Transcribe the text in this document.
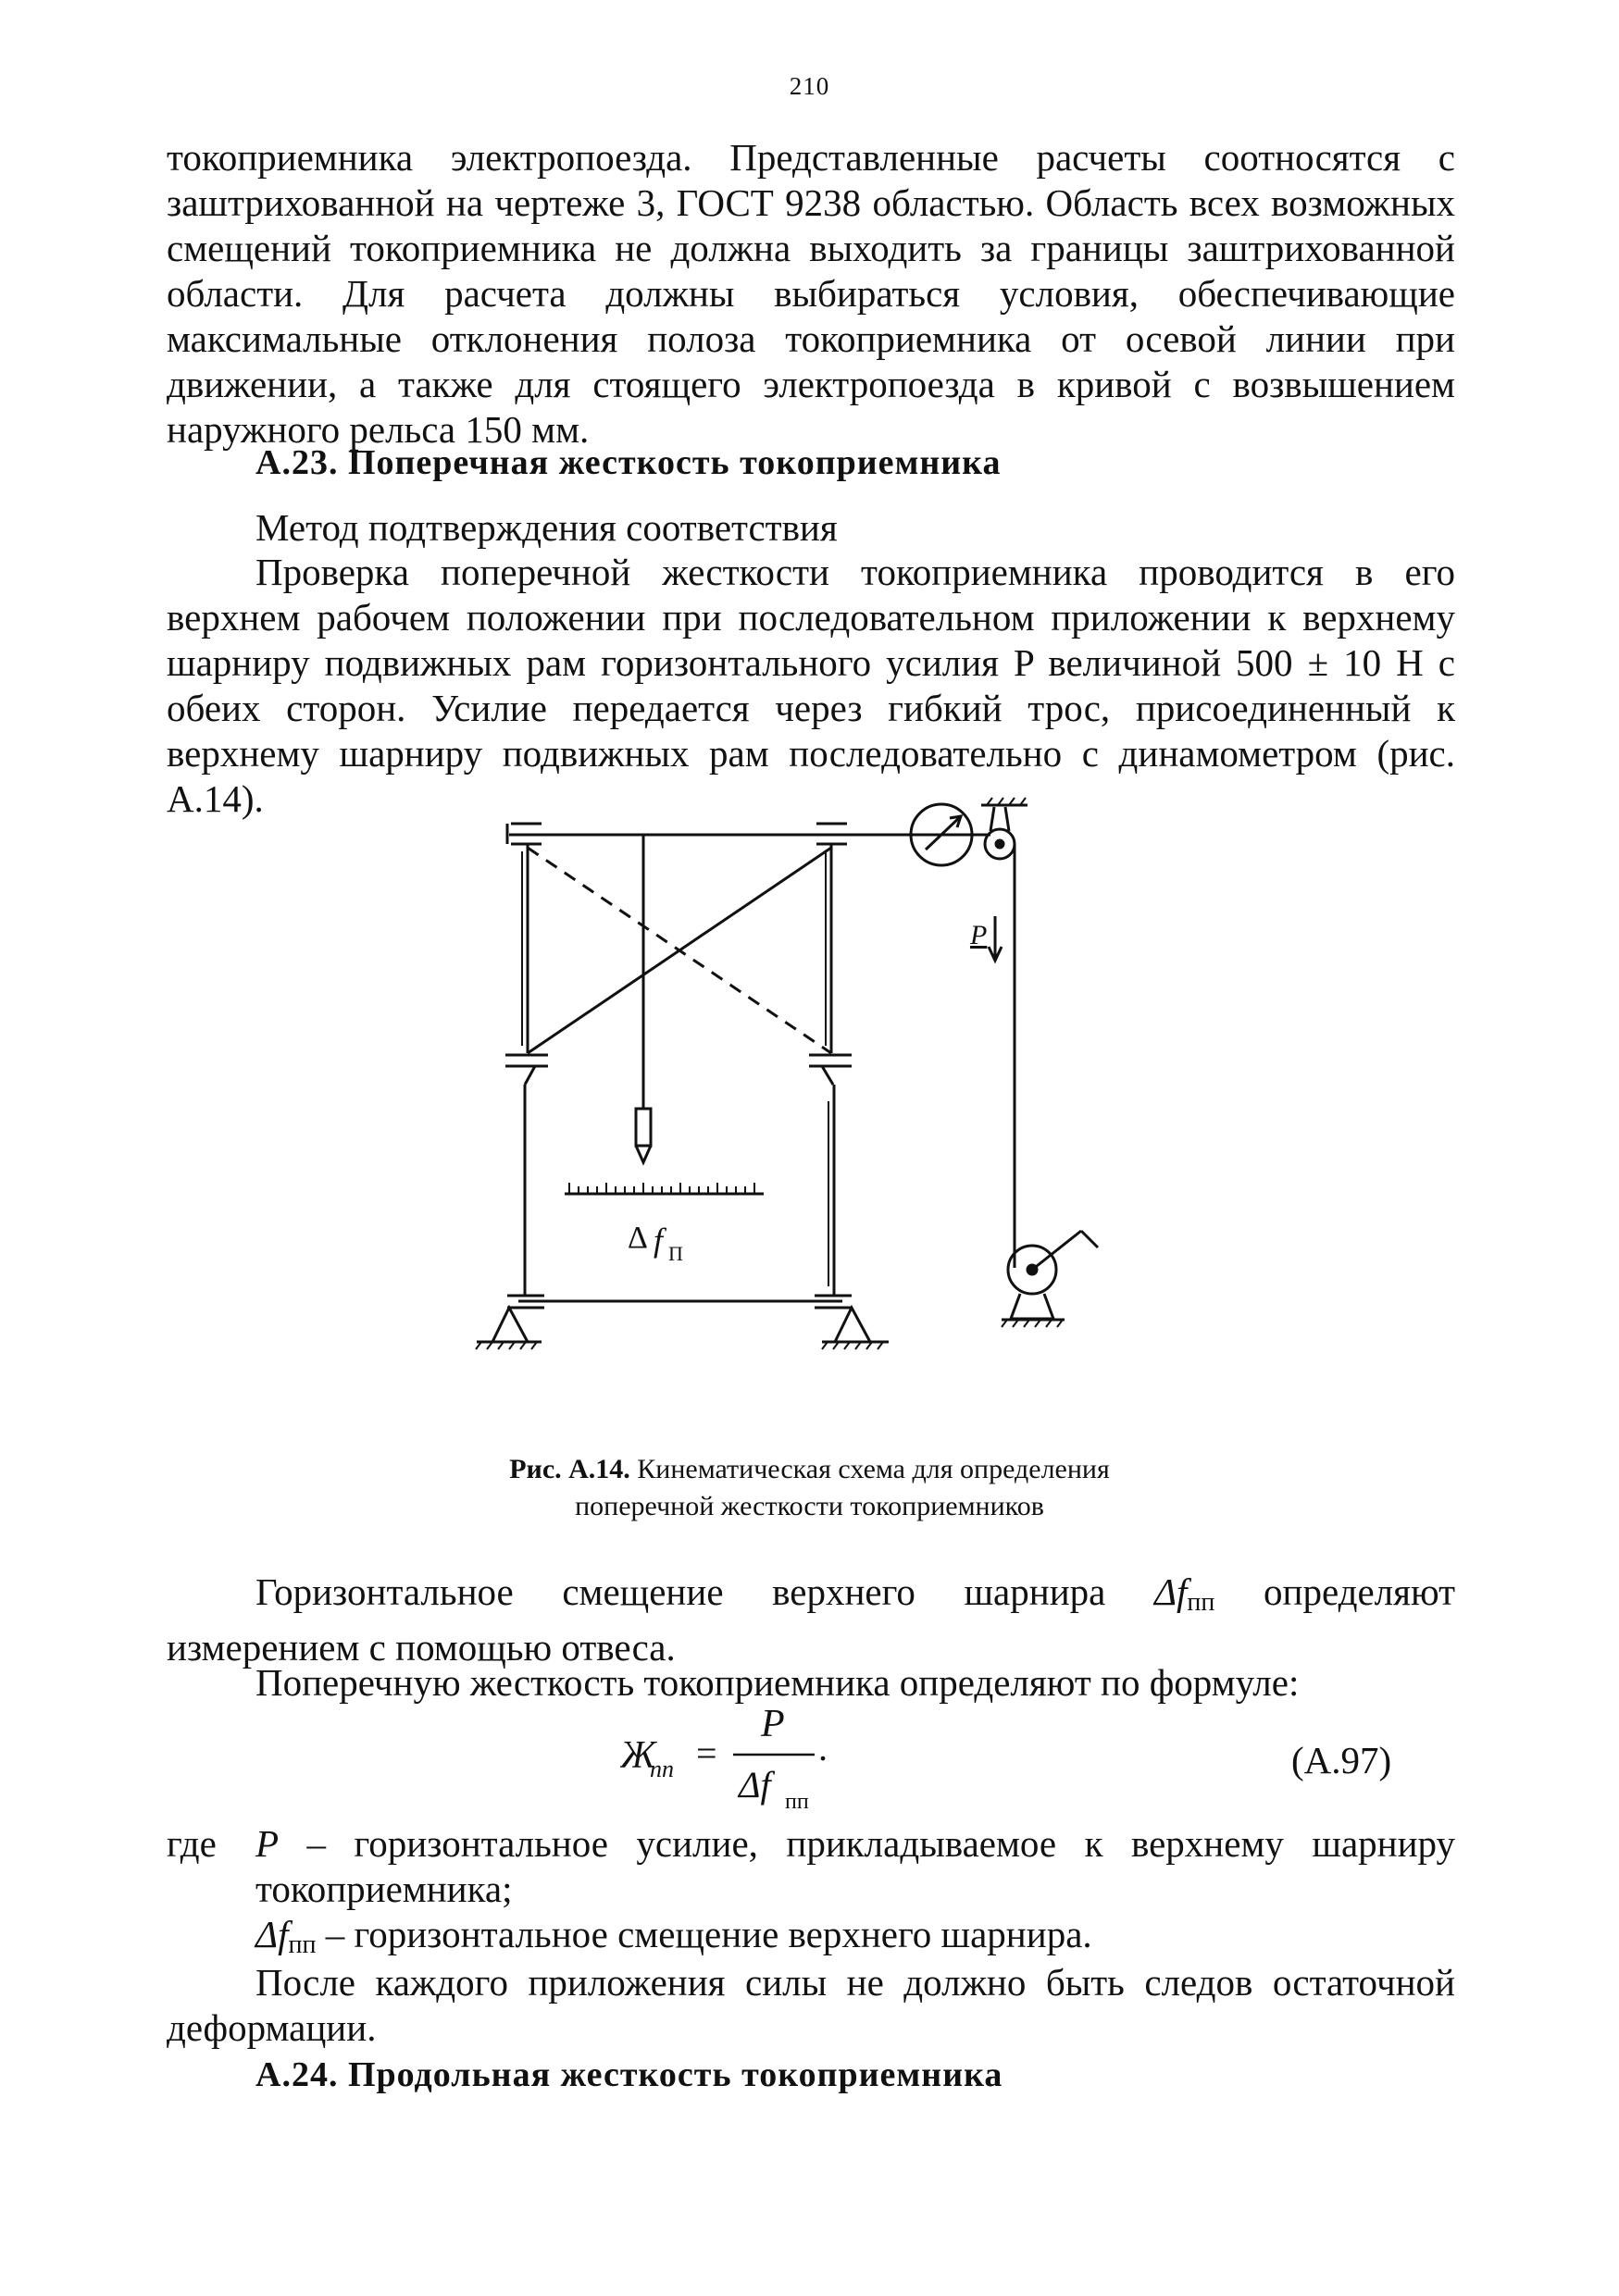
210

токоприемника электропоезда. Представленные расчеты соотносятся с заштрихованной на чертеже 3, ГОСТ 9238 областью. Область всех возможных смещений токоприемника не должна выходить за границы заштрихованной области. Для расчета должны выбираться условия, обеспечивающие максимальные отклонения полоза токоприемника от осевой линии при движении, а также для стоящего электропоезда в кривой с возвышением наружного рельса 150 мм.

А.23. Поперечная жесткость токоприемника
Метод подтверждения соответствия

Проверка поперечной жесткости токоприемника проводится в его верхнем рабочем положении при последовательном приложении к верхнему шарниру подвижных рам горизонтального усилия P величиной 500 ± 10 Н с обеих сторон. Усилие передается через гибкий трос, присоединенный к верхнему шарниру подвижных рам последовательно с динамометром (рис. А.14).

P
Δ f П
Рис. А.14. Кинематическая схема для определения
поперечной жесткости токоприемников

Горизонтальное смещение верхнего шарнира $\Delta f_{пп}$ определяют измерением с помощью отвеса.

Поперечную жесткость токоприемника определяют по формуле:

Ж
пп =
P
Δf пп
.	(А.97)
где P – горизонтальное усилие, прикладываемое к верхнему шарниру токоприемника;
$\Delta f_{пп}$ – горизонтальное смещение верхнего шарнира.

После каждого приложения силы не должно быть следов остаточной деформации.

А.24. Продольная жесткость токоприемника
